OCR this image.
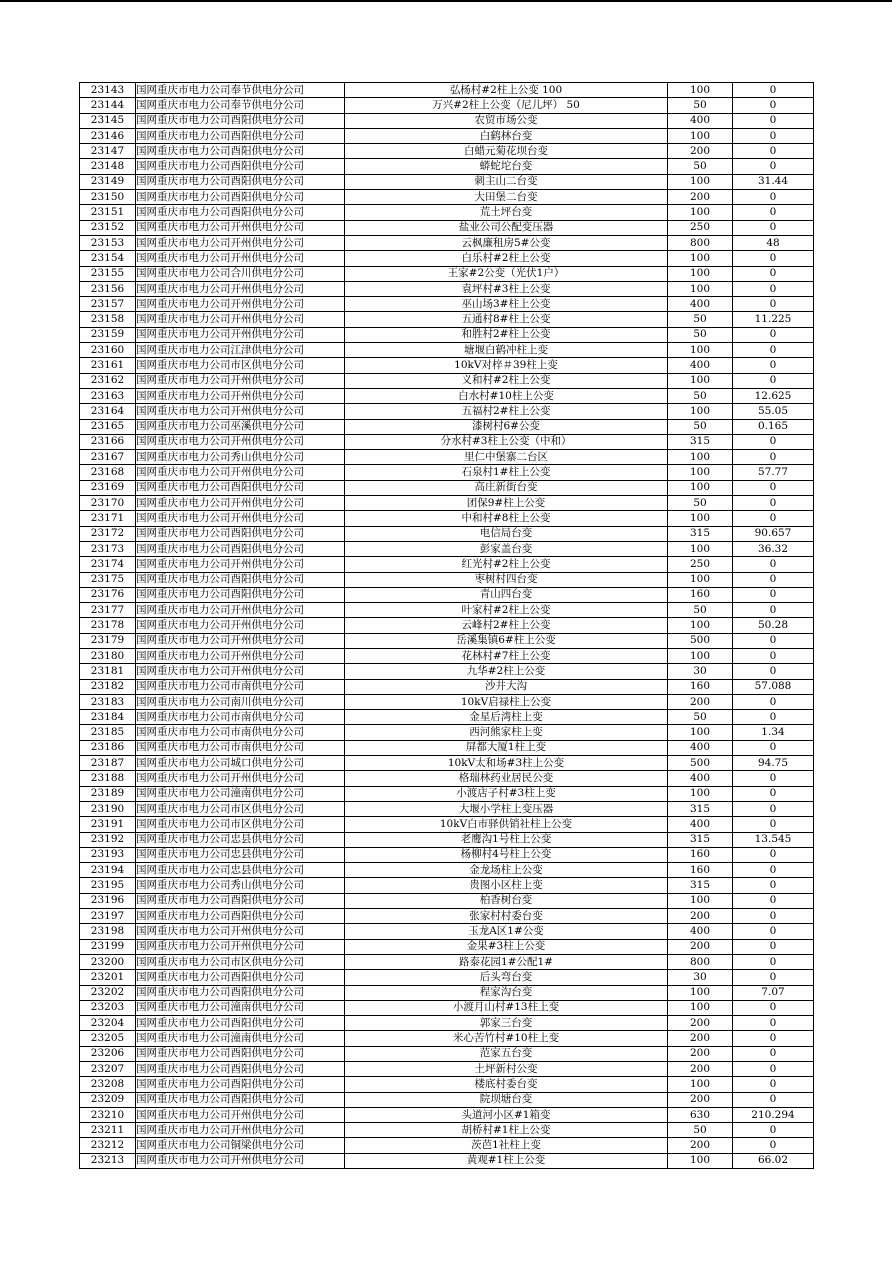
23143	国网重庆市电力公司奉节供电分公司	弘杨村#2柱上公变 100	100	0
23144	国网重庆市电力公司奉节供电分公司	万兴#2柱上公变（尼儿坪） 50	50	0
23145	国网重庆市电力公司酉阳供电分公司	农贸市场公变	400	0
23146	国网重庆市电力公司酉阳供电分公司	白鹤林台变	100	0
23147	国网重庆市电力公司酉阳供电分公司	白蜡元菊花坝台变	200	0
23148	国网重庆市电力公司酉阳供电分公司	蟒蛇坨台变	50	0
23149	国网重庆市电力公司酉阳供电分公司	刺主山二台变	100	31.44
23150	国网重庆市电力公司酉阳供电分公司	大田堡二台变	200	0
23151	国网重庆市电力公司酉阳供电分公司	荒土坪台变	100	0
23152	国网重庆市电力公司开州供电分公司	盐业公司公配变压器	250	0
23153	国网重庆市电力公司开州供电分公司	云枫廉租房5#公变	800	48
23154	国网重庆市电力公司开州供电分公司	白乐村#2柱上公变	100	0
23155	国网重庆市电力公司合川供电分公司	王家#2公变（光伏1户）	100	0
23156	国网重庆市电力公司开州供电分公司	袁坪村#3柱上公变	100	0
23157	国网重庆市电力公司开州供电分公司	巫山场3#柱上公变	400	0
23158	国网重庆市电力公司开州供电分公司	五通村8#柱上公变	50	11.225
23159	国网重庆市电力公司开州供电分公司	和胜村2#柱上公变	50	0
23160	国网重庆市电力公司江津供电分公司	塘堰白鹤冲柱上变	100	0
23161	国网重庆市电力公司市区供电分公司	10kV对梓＃39柱上变	400	0
23162	国网重庆市电力公司开州供电分公司	义和村#2柱上公变	100	0
23163	国网重庆市电力公司开州供电分公司	白水村#10柱上公变	50	12.625
23164	国网重庆市电力公司开州供电分公司	五福村2#柱上公变	100	55.05
23165	国网重庆市电力公司巫溪供电分公司	漆树村6#公变	50	0.165
23166	国网重庆市电力公司开州供电分公司	分水村#3柱上公变（中和）	315	0
23167	国网重庆市电力公司秀山供电分公司	里仁中堡寨二台区	100	0
23168	国网重庆市电力公司开州供电分公司	石泉村1#柱上公变	100	57.77
23169	国网重庆市电力公司酉阳供电分公司	高庄新街台变	100	0
23170	国网重庆市电力公司开州供电分公司	团保9#柱上公变	50	0
23171	国网重庆市电力公司开州供电分公司	中和村#8柱上公变	100	0
23172	国网重庆市电力公司酉阳供电分公司	电信局台变	315	90.657
23173	国网重庆市电力公司酉阳供电分公司	彭家盖台变	100	36.32
23174	国网重庆市电力公司开州供电分公司	红光村#2柱上公变	250	0
23175	国网重庆市电力公司酉阳供电分公司	枣树村四台变	100	0
23176	国网重庆市电力公司酉阳供电分公司	青山四台变	160	0
23177	国网重庆市电力公司开州供电分公司	叶家村#2柱上公变	50	0
23178	国网重庆市电力公司开州供电分公司	云峰村2#柱上公变	100	50.28
23179	国网重庆市电力公司开州供电分公司	岳溪集镇6#柱上公变	500	0
23180	国网重庆市电力公司开州供电分公司	花林村#7柱上公变	100	0
23181	国网重庆市电力公司开州供电分公司	九华#2柱上公变	30	0
23182	国网重庆市电力公司市南供电分公司	沙井大沟	160	57.088
23183	国网重庆市电力公司南川供电分公司	10kV启禄柱上公变	200	0
23184	国网重庆市电力公司市南供电分公司	金星后湾柱上变	50	0
23185	国网重庆市电力公司市南供电分公司	西河熊家柱上变	100	1.34
23186	国网重庆市电力公司市南供电分公司	屏都大厦1柱上变	400	0
23187	国网重庆市电力公司城口供电分公司	10kV太和场#3柱上公变	500	94.75
23188	国网重庆市电力公司开州供电分公司	格瑞林药业居民公变	400	0
23189	国网重庆市电力公司潼南供电分公司	小渡店子村#3柱上变	100	0
23190	国网重庆市电力公司市区供电分公司	大堰小学柱上变压器	315	0
23191	国网重庆市电力公司市区供电分公司	10kV白市驿供销社柱上公变	400	0
23192	国网重庆市电力公司忠县供电分公司	老鹰沟1号柱上公变	315	13.545
23193	国网重庆市电力公司忠县供电分公司	杨柳村4号柱上公变	160	0
23194	国网重庆市电力公司忠县供电分公司	金龙场柱上公变	160	0
23195	国网重庆市电力公司秀山供电分公司	贵图小区柱上变	315	0
23196	国网重庆市电力公司酉阳供电分公司	柏香树台变	100	0
23197	国网重庆市电力公司酉阳供电分公司	张家村村委台变	200	0
23198	国网重庆市电力公司开州供电分公司	玉龙A区1#公变	400	0
23199	国网重庆市电力公司开州供电分公司	金果#3柱上公变	200	0
23200	国网重庆市电力公司市区供电分公司	路泰花园1#公配1#	800	0
23201	国网重庆市电力公司酉阳供电分公司	后头弯台变	30	0
23202	国网重庆市电力公司酉阳供电分公司	程家沟台变	100	7.07
23203	国网重庆市电力公司潼南供电分公司	小渡月山村#13柱上变	100	0
23204	国网重庆市电力公司酉阳供电分公司	郭家三台变	200	0
23205	国网重庆市电力公司潼南供电分公司	米心苦竹村#10柱上变	200	0
23206	国网重庆市电力公司酉阳供电分公司	范家五台变	200	0
23207	国网重庆市电力公司酉阳供电分公司	土坪新村公变	200	0
23208	国网重庆市电力公司酉阳供电分公司	楼底村委台变	100	0
23209	国网重庆市电力公司酉阳供电分公司	院坝塘台变	200	0
23210	国网重庆市电力公司开州供电分公司	头道河小区#1箱变	630	210.294
23211	国网重庆市电力公司开州供电分公司	胡桥村#1柱上公变	50	0
23212	国网重庆市电力公司铜梁供电分公司	茨芭1社柱上变	200	0
23213	国网重庆市电力公司开州供电分公司	黄观#1柱上公变	100	66.02
